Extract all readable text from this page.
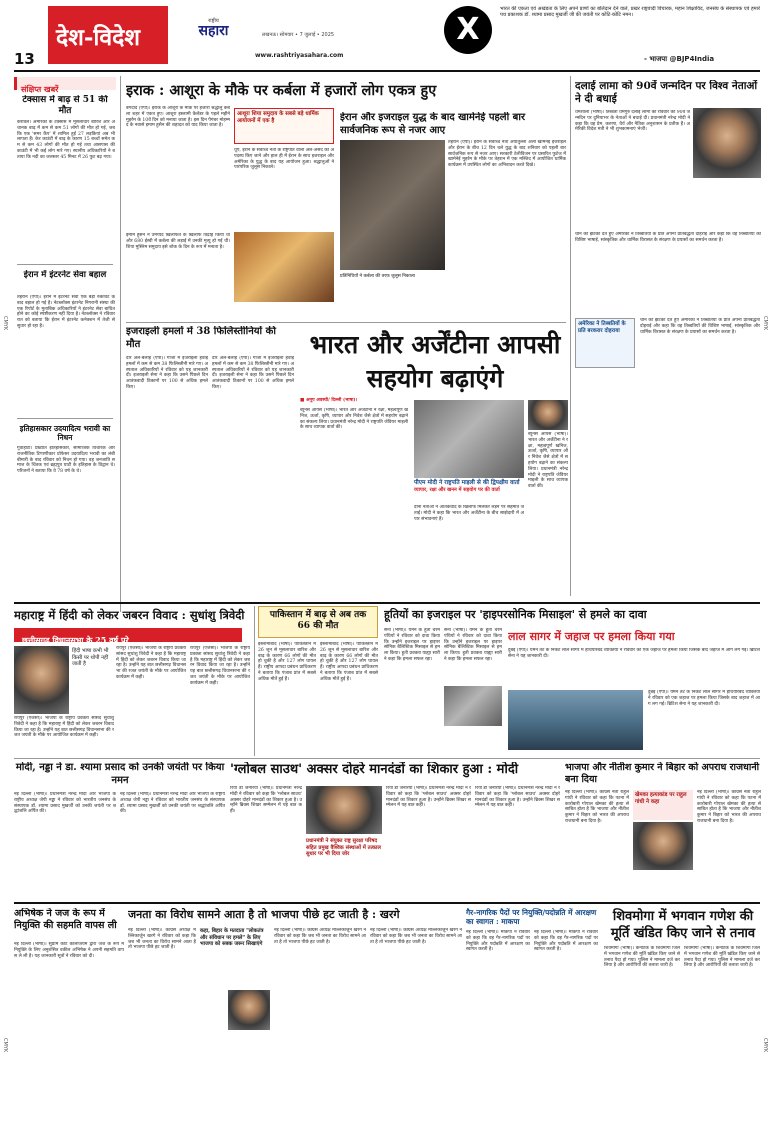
13
देश-विदेश
राष्ट्रीय
सहारा	लखनऊ। सोमवार • 7 जुलाई • 2025
www.rashtriyasahara.com
X
भारत की एकता एवं अखंडता के लिए अपने प्राणों का बलिदान देने वाले, प्रखर राष्ट्रवादी विचारक, महान शिक्षाविद, जनसंघ के संस्थापक एवं हमारे पथ प्रकाशक डॉ. श्यामा प्रसाद मुखर्जी जी की जयंती पर कोटि-कोटि नमन।
- भाजपा @BJP4India
संक्षिप्त खबरें
टेक्सास में बाढ़ से 51 की मौत
केरविल। अमेरिका के टेक्सास में मूसलाधार बारिश और अचानक बाढ़ में कम से कम 51 लोगों की मौत हो गई, जबकि एक 'समर कैंप' में शामिल हुईं 27 लड़कियां अब भी लापता हैं। केर काउंटी में बाढ़ के कारण 15 बच्चों समेत कम से कम 43 लोगों की मौत हो गई तथा आसपास की काउंटी में भी कई लोग मारे गए। स्थानीय अधिकारियों ने बताया कि नदी का जलस्तर 45 मिनट में 26 फुट बढ़ गया।
ईरान में इंटरनेट सेवा बहाल
तेहरान (एपी)। ईरान में इंटरनेट सेवा एक बड़ी रुकावट के बाद बहाल हो गई है। नेटब्लॉक्स इंटरनेट निगरानी संस्था की एक रिपोर्ट के मुताबिक अधिकारियों ने इंटरनेट सेवा बाधित होने का कोई स्पष्टीकरण नहीं दिया है। नेटब्लॉक्स ने रविवार रात को बताया कि ईरान में इंटरनेट कनेक्शन में तेजी से सुधार हो रहा है।
इतिहासकार उदयादित्य भरावी का निधन
गुवाहाटी। प्रख्यात इतिहासकार, सामाजिक विचारक और राजनीतिक टिप्पणीकार प्रोफेसर उदयादित्य भरावी का लंबी बीमारी के बाद रविवार को निधन हो गया। वह जनजाति समाज के चिंतक एवं ब्रह्मपुत्र घाटी के इतिहास के विद्वान थे। परिजनों ने बताया कि वे 78 वर्ष के थे।
इराक : आशूरा के मौके पर कर्बला में हजारों लोग एकत्र हुए
बगदाद (एपी)। इराक के आशूरा के मौके पर हजारों श्रद्धालु कर्बला शहर में एकत्र हुए। आशूरा इस्लामी कैलेंडर के पहले महीने मुहर्रम के 10वें दिन को मनाया जाता है। इस दिन पैगंबर मोहम्मद के नवासे इमाम हुसैन की शहादत को याद किया जाता है।
इमाम हुसैन ने उमय्यद खिलाफत के खिलाफ विद्रोह किया था और 680 ईस्वी में कर्बला की लड़ाई में उनकी मृत्यु हो गई थी। शिया मुस्लिम समुदाय इसे शोक के दिन के रूप में मनाता है।
आशूरा शिया समुदाय के सबसे बड़े धार्मिक आयोजनों में एक है
धूप, ईरान के सर्वोच्च नेता के राष्ट्रपति वाला अल-असद को अपदस्थ किए जाने और हाल ही में ईरान के साथ इजराइल और अमेरिका के युद्ध के बाद यह आयोजन हुआ। श्रद्धालुओं ने पारंपरिक जुलूस निकाले।
ईरान और इजराइल युद्ध के बाद खामेनेई पहली बार सार्वजनिक रूप से नजर आए
तेहरान (एपी)। ईरान के सर्वोच्च नेता अयातुल्ला अली खामेनेई इजराइल और ईरान के बीच 12 दिन चले युद्ध के बाद शनिवार को पहली बार सार्वजनिक रूप से नजर आए। सरकारी टेलीविजन पर प्रसारित फुटेज में खामेनेई मुहर्रम के मौके पर तेहरान में एक मस्जिद में आयोजित धार्मिक कार्यक्रम में उपस्थित लोगों का अभिवादन करते दिखे।
प्रतिनिधियों ने कर्बला की तरफ़ जुलूस निकाला
दलाई लामा को 90वें जन्मदिन पर विश्व नेताओं ने दी बधाई
धर्मशाला (भाषा)। तिब्बती धर्मगुरु दलाई लामा को रविवार को 90वें जन्मदिन पर दुनियाभर के नेताओं ने बधाई दी। प्रधानमंत्री नरेन्द्र मोदी ने कहा कि वह प्रेम, करुणा, धैर्य और नैतिक अनुशासन के प्रतीक हैं। अमेरिकी विदेश मंत्री ने भी शुभकामनाएं भेजीं।
चीन को झटका देते हुए अमेरिका ने तिब्बतियों के प्रति अपनी प्रतिबद्धता दोहराई और कहा कि वह तिब्बतियों की विशिष्ट भाषाई, सांस्कृतिक और धार्मिक विरासत के संरक्षण के प्रयासों का समर्थन करता है।
अमेरिका ने तिब्बतियों के प्रति बरकरार दोहराया
चीन को झटका देते हुए अमेरिका ने तिब्बतियों के प्रति अपनी प्रतिबद्धता दोहराई और कहा कि वह तिब्बतियों की विशिष्ट भाषाई, सांस्कृतिक और धार्मिक विरासत के संरक्षण के प्रयासों का समर्थन करता है।
इजराइली हमलों में 38 फिलिस्तीनियों की मौत
दीर अल-बलाह (एपी)। गाजा में इजराइली हवाई हमलों में कम से कम 38 फिलिस्तीनी मारे गए। अस्पताल अधिकारियों ने रविवार को यह जानकारी दी। इजराइली सेना ने कहा कि उसने पिछले दिन आतंकवादी ठिकानों पर 100 से अधिक हमले किए।
दीर अल-बलाह (एपी)। गाजा में इजराइली हवाई हमलों में कम से कम 38 फिलिस्तीनी मारे गए। अस्पताल अधिकारियों ने रविवार को यह जानकारी दी। इजराइली सेना ने कहा कि उसने पिछले दिन आतंकवादी ठिकानों पर 100 से अधिक हमले किए।
भारत और अर्जेंटीना आपसी सहयोग बढ़ाएंगे
■ अनूप अवस्थी/ दिल्ली (भाषा)।
ब्यूनस आयर्स (भाषा)। भारत और अर्जेंटीना ने रक्षा, महत्वपूर्ण खनिज, ऊर्जा, कृषि, व्यापार और निवेश जैसे क्षेत्रों में सहयोग बढ़ाने का संकल्प लिया। प्रधानमंत्री नरेन्द्र मोदी ने राष्ट्रपति जेवियर माइली के साथ व्यापक वार्ता की।
पीएम मोदी ने राष्ट्रपति माइली से की द्विपक्षीय वार्ता
व्यापार, रक्षा और खनन में सहयोग पर की वार्ता
दोनों नेताओं ने आतंकवाद के खिलाफ मिलकर लड़ने पर सहमति जताई। मोदी ने कहा कि भारत और अर्जेंटीना के बीच साझेदारी में अपार संभावनाएं हैं।
ब्यूनस आयर्स (भाषा)। भारत और अर्जेंटीना ने रक्षा, महत्वपूर्ण खनिज, ऊर्जा, कृषि, व्यापार और निवेश जैसे क्षेत्रों में सहयोग बढ़ाने का संकल्प लिया। प्रधानमंत्री नरेन्द्र मोदी ने राष्ट्रपति जेवियर माइली के साथ व्यापक वार्ता की।
महाराष्ट्र में हिंदी को लेकर जबरन विवाद : सुधांशु त्रिवेदी
छत्तीसगढ़ विधानसभा के 25 वर्ष पूरे
हिंदी भाषा कभी भी किसी पर थोपी नहीं जाती है
रायपुर (एजेंसी)। भाजपा के राष्ट्रीय प्रवक्ता सांसद सुधांशु त्रिवेदी ने कहा है कि महाराष्ट्र में हिंदी को लेकर जबरन विवाद किया जा रहा है। उन्होंने यह बात छत्तीसगढ़ विधानसभा की रजत जयंती के मौके पर आयोजित कार्यक्रम में कही।
रायपुर (एजेंसी)। भाजपा के राष्ट्रीय प्रवक्ता सांसद सुधांशु त्रिवेदी ने कहा है कि महाराष्ट्र में हिंदी को लेकर जबरन विवाद किया जा रहा है। उन्होंने यह बात छत्तीसगढ़ विधानसभा की रजत जयंती के मौके पर आयोजित कार्यक्रम में कही।
रायपुर (एजेंसी)। भाजपा के राष्ट्रीय प्रवक्ता सांसद सुधांशु त्रिवेदी ने कहा है कि महाराष्ट्र में हिंदी को लेकर जबरन विवाद किया जा रहा है। उन्होंने यह बात छत्तीसगढ़ विधानसभा की रजत जयंती के मौके पर आयोजित कार्यक्रम में कही।
पाकिस्तान में बाढ़ से अब तक 66 की मौत
इस्लामाबाद (भाषा)। पाकिस्तान में 26 जून से मूसलाधार बारिश और बाढ़ के कारण 66 लोगों की मौत हो चुकी है और 127 लोग घायल हैं। राष्ट्रीय आपदा प्रबंधन प्राधिकरण ने बताया कि पंजाब प्रांत में सबसे अधिक मौतें हुई हैं।
इस्लामाबाद (भाषा)। पाकिस्तान में 26 जून से मूसलाधार बारिश और बाढ़ के कारण 66 लोगों की मौत हो चुकी है और 127 लोग घायल हैं। राष्ट्रीय आपदा प्रबंधन प्राधिकरण ने बताया कि पंजाब प्रांत में सबसे अधिक मौतें हुई हैं।
हूतियों का इजराइल पर 'हाइपरसोनिक मिसाइल' से हमले का दावा
सना (भाषा)। यमन के हूती चरमपंथियों ने रविवार को दावा किया कि उन्होंने इजराइल पर हाइपरसोनिक बैलिस्टिक मिसाइल से हमला किया। हूती प्रवक्ता याह्या सारी ने कहा कि हमला सफल रहा।
सना (भाषा)। यमन के हूती चरमपंथियों ने रविवार को दावा किया कि उन्होंने इजराइल पर हाइपरसोनिक बैलिस्टिक मिसाइल से हमला किया। हूती प्रवक्ता याह्या सारी ने कहा कि हमला सफल रहा।
लाल सागर में जहाज पर हमला किया गया
दुबई (एपी)। यमन तट के निकट लाल सागर में हथियारबंद व्यक्तियों ने रविवार को एक जहाज पर हमला किया जिसके बाद जहाज में आग लग गई। ब्रिटिश सेना ने यह जानकारी दी।
दुबई (एपी)। यमन तट के निकट लाल सागर में हथियारबंद व्यक्तियों ने रविवार को एक जहाज पर हमला किया जिसके बाद जहाज में आग लग गई। ब्रिटिश सेना ने यह जानकारी दी।
मोदी, नड्डा ने डा. श्यामा प्रसाद को उनकी जयंती पर किया नमन
नई दिल्ली (भाषा)। प्रधानमंत्री नरेन्द्र मोदी और भाजपा के राष्ट्रीय अध्यक्ष जेपी नड्डा ने रविवार को भारतीय जनसंघ के संस्थापक डॉ. श्यामा प्रसाद मुखर्जी को उनकी जयंती पर श्रद्धांजलि अर्पित की।
नई दिल्ली (भाषा)। प्रधानमंत्री नरेन्द्र मोदी और भाजपा के राष्ट्रीय अध्यक्ष जेपी नड्डा ने रविवार को भारतीय जनसंघ के संस्थापक डॉ. श्यामा प्रसाद मुखर्जी को उनकी जयंती पर श्रद्धांजलि अर्पित की।
'ग्लोबल साउथ' अक्सर दोहरे मानदंडों का शिकार हुआ : मोदी
रियो डी जेनेरियो (भाषा)। प्रधानमंत्री नरेन्द्र मोदी ने रविवार को कहा कि 'ग्लोबल साउथ' अक्सर दोहरे मानदंडों का शिकार हुआ है। उन्होंने ब्रिक्स शिखर सम्मेलन में यह बात कही।
प्रधानमंत्री ने संयुक्त राष्ट्र सुरक्षा परिषद सहित प्रमुख वैश्विक संस्थाओं में तत्काल सुधार पर भी दिया जोर
रियो डी जेनेरियो (भाषा)। प्रधानमंत्री नरेन्द्र मोदी ने रविवार को कहा कि 'ग्लोबल साउथ' अक्सर दोहरे मानदंडों का शिकार हुआ है। उन्होंने ब्रिक्स शिखर सम्मेलन में यह बात कही।
रियो डी जेनेरियो (भाषा)। प्रधानमंत्री नरेन्द्र मोदी ने रविवार को कहा कि 'ग्लोबल साउथ' अक्सर दोहरे मानदंडों का शिकार हुआ है। उन्होंने ब्रिक्स शिखर सम्मेलन में यह बात कही।
भाजपा और नीतीश कुमार ने बिहार को अपराध राजधानी बना दिया
नई दिल्ली (भाषा)। कांग्रेस नेता राहुल गांधी ने रविवार को कहा कि पटना में कारोबारी गोपाल खेमका की हत्या से साबित होता है कि भाजपा और नीतीश कुमार ने बिहार को भारत की अपराध राजधानी बना दिया है।
खेमका हत्याकांड पर राहुल गांधी ने कहा
नई दिल्ली (भाषा)। कांग्रेस नेता राहुल गांधी ने रविवार को कहा कि पटना में कारोबारी गोपाल खेमका की हत्या से साबित होता है कि भाजपा और नीतीश कुमार ने बिहार को भारत की अपराध राजधानी बना दिया है।
अभिषेक ने जज के रूप में नियुक्ति की सहमति वापस ली
नई दिल्ली (भाषा)। सुप्रीम कोर्ट कॉलेजियम द्वारा जज के रूप में नियुक्ति के लिए अनुशंसित वकील अभिषेक ने अपनी सहमति वापस ले ली है। यह जानकारी सूत्रों ने रविवार को दी।
जनता का विरोध सामने आता है तो भाजपा पीछे हट जाती है : खरगे
नई दिल्ली (भाषा)। कांग्रेस अध्यक्ष मल्लिकार्जुन खरगे ने रविवार को कहा कि जब भी जनता का विरोध सामने आता है तो भाजपा पीछे हट जाती है।
कहा, बिहार के मतदाता "लोकतंत्र और संविधान पर हमले" के लिए भाजपा को सबक जरूर सिखाएंगे
नई दिल्ली (भाषा)। कांग्रेस अध्यक्ष मल्लिकार्जुन खरगे ने रविवार को कहा कि जब भी जनता का विरोध सामने आता है तो भाजपा पीछे हट जाती है।
नई दिल्ली (भाषा)। कांग्रेस अध्यक्ष मल्लिकार्जुन खरगे ने रविवार को कहा कि जब भी जनता का विरोध सामने आता है तो भाजपा पीछे हट जाती है।
गैर-नागरिक पैदों पर नियुक्ति/पदोन्नति में आरक्षण का स्वागत : माकपा
नई दिल्ली (भाषा)। माकपा ने रविवार को कहा कि वह गैर-नागरिक पदों पर नियुक्ति और पदोन्नति में आरक्षण का स्वागत करती है।
नई दिल्ली (भाषा)। माकपा ने रविवार को कहा कि वह गैर-नागरिक पदों पर नियुक्ति और पदोन्नति में आरक्षण का स्वागत करती है।
शिवमोगा में भगवान गणेश की मूर्ति खंडित किए जाने से तनाव
शिवमोगा (भाषा)। कर्नाटक के शिवमोगा जिले में भगवान गणेश की मूर्ति खंडित किए जाने से तनाव पैदा हो गया। पुलिस ने मामला दर्ज कर लिया है और आरोपियों की तलाश जारी है।
शिवमोगा (भाषा)। कर्नाटक के शिवमोगा जिले में भगवान गणेश की मूर्ति खंडित किए जाने से तनाव पैदा हो गया। पुलिस ने मामला दर्ज कर लिया है और आरोपियों की तलाश जारी है।
CMYK
CMYK
CMYK
CMYK
